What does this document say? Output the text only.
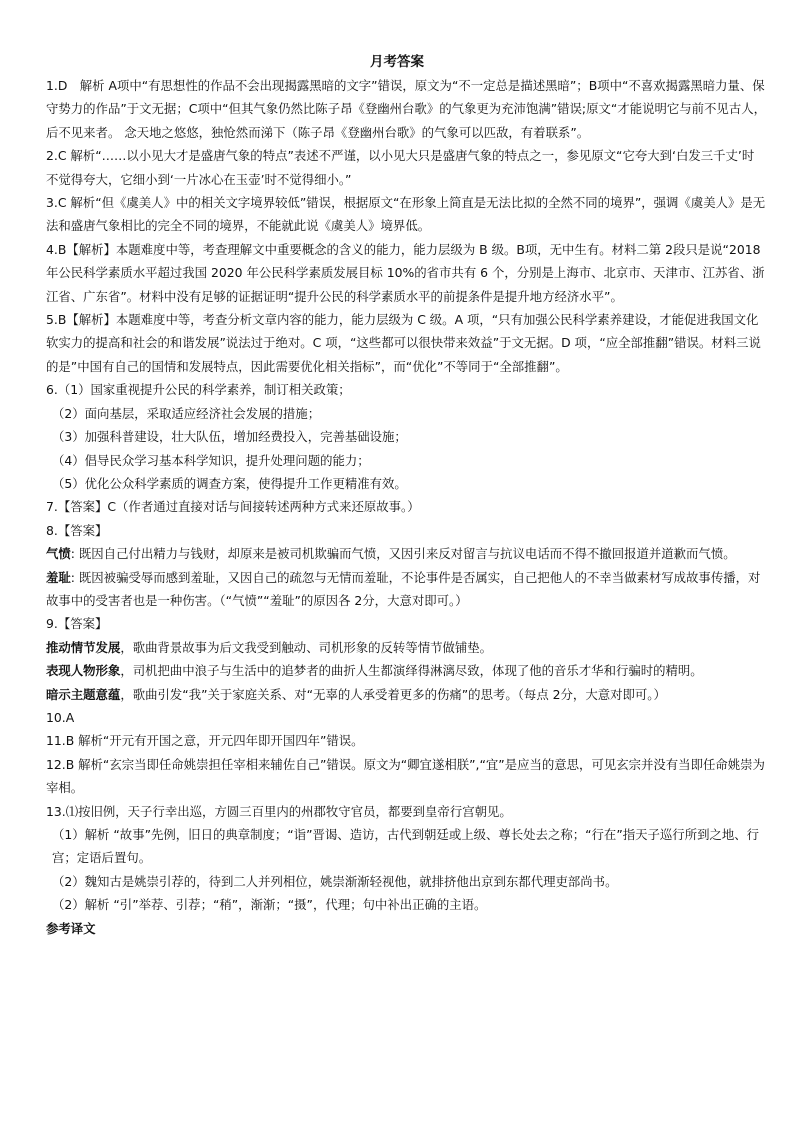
月考答案

1.D　解析 A项中“有思想性的作品不会出现揭露黑暗的文字”错误，原文为“不一定总是描述黑暗”；B项中“不喜欢揭露黑暗力量、保守势力的作品”于文无据；C项中“但其气象仍然比陈子昂《登幽州台歌》的气象更为充沛饱满”错误;原文“才能说明它与前不见古人，后不见来者。 念天地之悠悠，独怆然而涕下（陈子昂《登幽州台歌》的气象可以匹敌，有着联系”。

2.C 解析“……以小见大才是盛唐气象的特点”表述不严谨，以小见大只是盛唐气象的特点之一，参见原文“它夸大到‘白发三千丈’时不觉得夸大，它细小到‘一片冰心在玉壶’时不觉得细小。”

3.C 解析“但《虞美人》中的相关文字境界较低”错误，根据原文“在形象上简直是无法比拟的全然不同的境界”，强调《虞美人》是无法和盛唐气象相比的完全不同的境界，不能就此说《虞美人》境界低。

4.B【解析】本题难度中等，考查理解文中重要概念的含义的能力，能力层级为 B 级。B项，无中生有。材料二第 2段只是说“2018 年公民科学素质水平超过我国 2020 年公民科学素质发展目标 10%的省市共有 6 个，分别是上海市、北京市、天津市、江苏省、浙江省、广东省”。材料中没有足够的证据证明“提升公民的科学素质水平的前提条件是提升地方经济水平”。

5.B【解析】本题难度中等，考查分析文章内容的能力，能力层级为 C 级。A 项，“只有加强公民科学素养建设，才能促进我国文化软实力的提高和社会的和谐发展”说法过于绝对。C 项，“这些都可以很快带来效益”于文无据。D 项，“应全部推翻”错误。材料三说的是”中国有自己的国情和发展特点，因此需要优化相关指标”，而“优化”不等同于“全部推翻”。

6.（1）国家重视提升公民的科学素养，制订相关政策；

（2）面向基层，采取适应经济社会发展的措施；

（3）加强科普建设，壮大队伍，增加经费投入，完善基础设施；

（4）倡导民众学习基本科学知识，提升处理问题的能力；

（5）优化公众科学素质的调查方案，使得提升工作更精准有效。

7.【答案】C（作者通过直接对话与间接转述两种方式来还原故事。）

8.【答案】

气愤: 既因自己付出精力与钱财，却原来是被司机欺骗而气愤，又因引来反对留言与抗议电话而不得不撤回报道并道歉而气愤。

羞耻: 既因被骗受辱而感到羞耻，又因自己的疏忽与无情而羞耻，不论事件是否属实，自己把他人的不幸当做素材写成故事传播，对故事中的受害者也是一种伤害。（“气愤”“羞耻”的原因各 2分，大意对即可。）

9.【答案】

推动情节发展，歌曲背景故事为后文我受到触动、司机形象的反转等情节做铺垫。

表现人物形象，司机把曲中浪子与生活中的追梦者的曲折人生都演绎得淋漓尽致，体现了他的音乐才华和行骗时的精明。

暗示主题意蕴，歌曲引发“我”关于家庭关系、对“无辜的人承受着更多的伤痛”的思考。（每点 2分，大意对即可。）

10.A

11.B 解析“开元有开国之意，开元四年即开国四年”错误。

12.B 解析“玄宗当即任命姚崇担任宰相来辅佐自己”错误。原文为“卿宜遂相朕”,“宜”是应当的意思，可见玄宗并没有当即任命姚崇为宰相。

13.⑴按旧例，天子行幸出巡，方圆三百里内的州郡牧守官员，都要到皇帝行宫朝见。

（1）解析 “故事”先例，旧日的典章制度；“诣”晋谒、造访，古代到朝廷或上级、尊长处去之称；“行在”指天子巡行所到之地、行宫；定语后置句。

（2）魏知古是姚崇引荐的，待到二人并列相位，姚崇渐渐轻视他，就排挤他出京到东都代理吏部尚书。

（2）解析 “引”举荐、引荐；“稍”，渐渐；“摄”，代理；句中补出正确的主语。

参考译文
